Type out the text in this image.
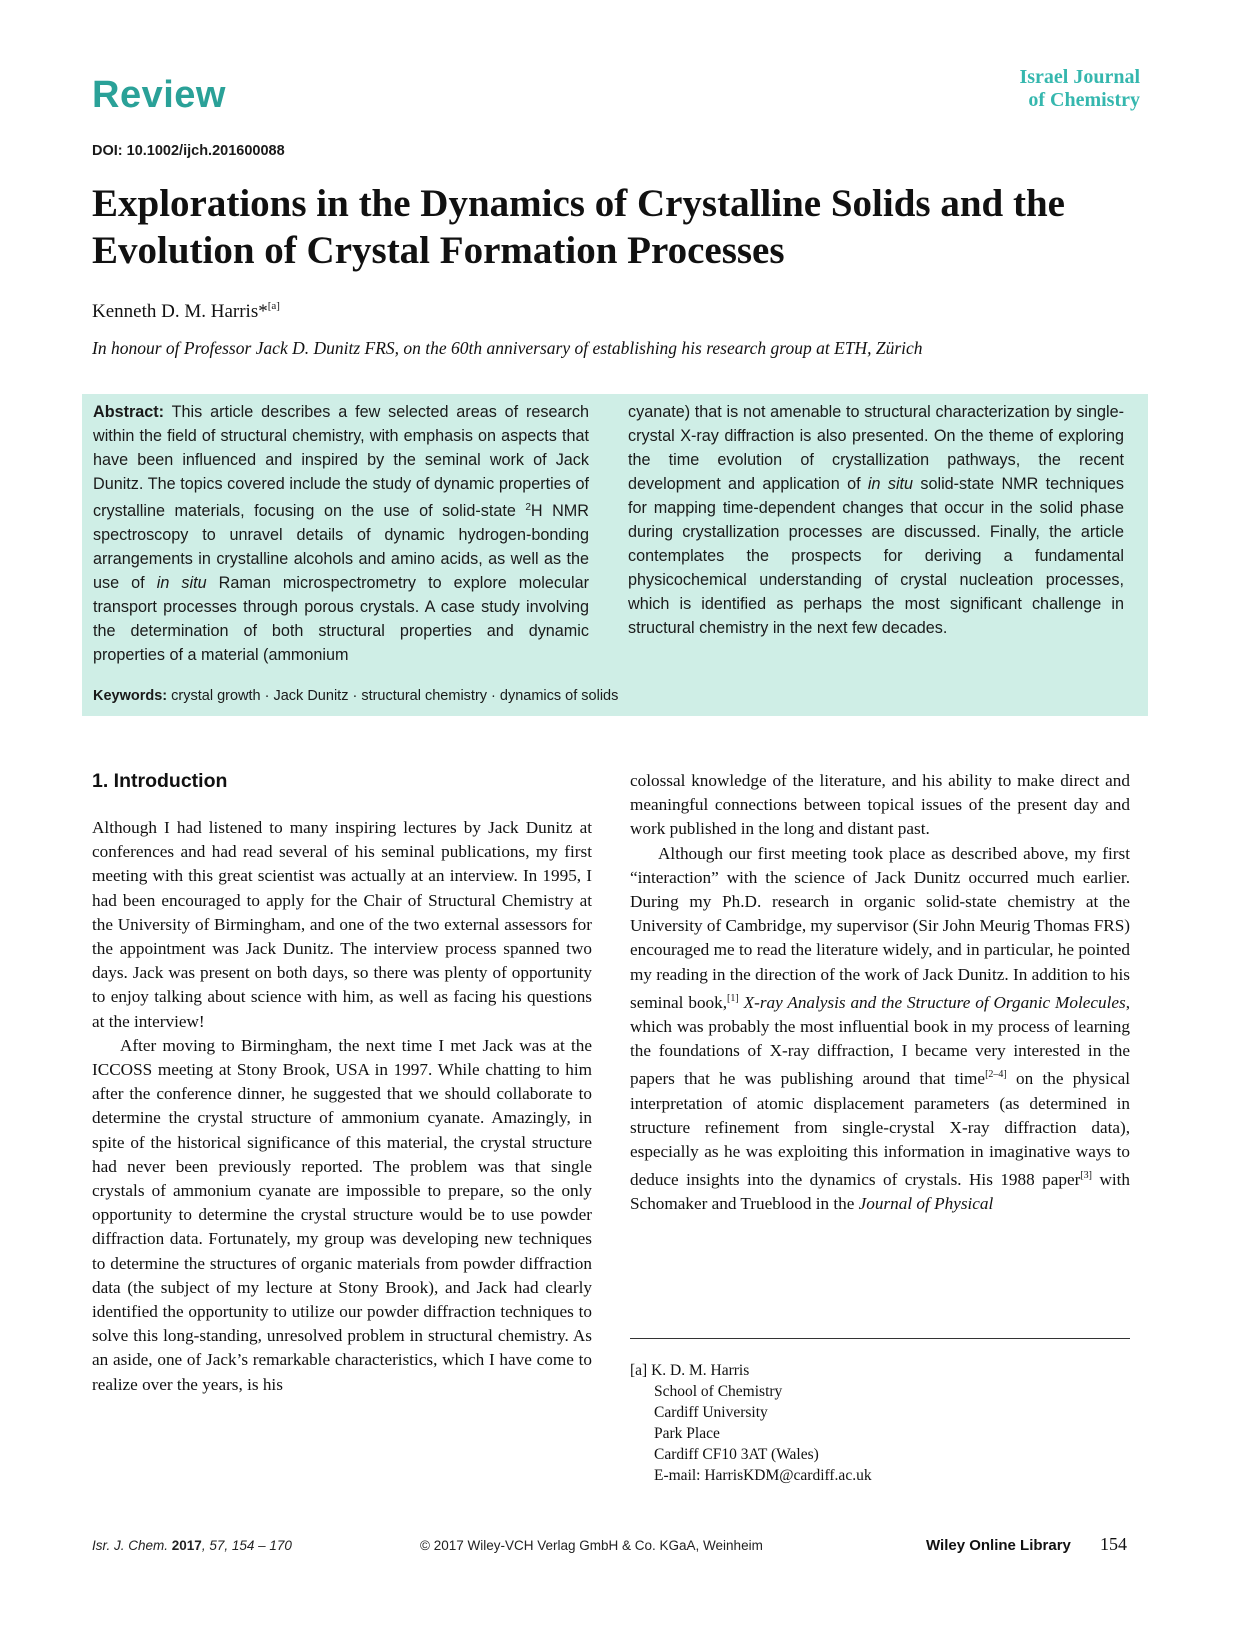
Review	Israel Journal
of Chemistry
DOI: 10.1002/ijch.201600088
Explorations in the Dynamics of Crystalline Solids and the Evolution of Crystal Formation Processes
Kenneth D. M. Harris*[a]
In honour of Professor Jack D. Dunitz FRS, on the 60th anniversary of establishing his research group at ETH, Zürich
Abstract: This article describes a few selected areas of research within the field of structural chemistry, with emphasis on aspects that have been influenced and inspired by the seminal work of Jack Dunitz. The topics covered include the study of dynamic properties of crystalline materials, focusing on the use of solid-state $^2$H NMR spectroscopy to unravel details of dynamic hydrogen-bonding arrangements in crystalline alcohols and amino acids, as well as the use of in situ Raman microspectrometry to explore molecular transport processes through porous crystals. A case study involving the determination of both structural properties and dynamic properties of a material (ammonium
cyanate) that is not amenable to structural characterization by single-crystal X-ray diffraction is also presented. On the theme of exploring the time evolution of crystallization pathways, the recent development and application of in situ solid-state NMR techniques for mapping time-dependent changes that occur in the solid phase during crystallization processes are discussed. Finally, the article contemplates the prospects for deriving a fundamental physicochemical understanding of crystal nucleation processes, which is identified as perhaps the most significant challenge in structural chemistry in the next few decades.
Keywords: crystal growth · Jack Dunitz · structural chemistry · dynamics of solids
1. Introduction

Although I had listened to many inspiring lectures by Jack Dunitz at conferences and had read several of his seminal publications, my first meeting with this great scientist was actually at an interview. In 1995, I had been encouraged to apply for the Chair of Structural Chemistry at the University of Birmingham, and one of the two external assessors for the appointment was Jack Dunitz. The interview process spanned two days. Jack was present on both days, so there was plenty of opportunity to enjoy talking about science with him, as well as facing his questions at the interview!

After moving to Birmingham, the next time I met Jack was at the ICCOSS meeting at Stony Brook, USA in 1997. While chatting to him after the conference dinner, he suggested that we should collaborate to determine the crystal structure of ammonium cyanate. Amazingly, in spite of the historical significance of this material, the crystal structure had never been previously reported. The problem was that single crystals of ammonium cyanate are impossible to prepare, so the only opportunity to determine the crystal structure would be to use powder diffraction data. Fortunately, my group was developing new techniques to determine the structures of organic materials from powder diffraction data (the subject of my lecture at Stony Brook), and Jack had clearly identified the opportunity to utilize our powder diffraction techniques to solve this long-standing, unresolved problem in structural chemistry. As an aside, one of Jack’s remarkable characteristics, which I have come to realize over the years, is his

colossal knowledge of the literature, and his ability to make direct and meaningful connections between topical issues of the present day and work published in the long and distant past.

Although our first meeting took place as described above, my first “interaction” with the science of Jack Dunitz occurred much earlier. During my Ph.D. research in organic solid-state chemistry at the University of Cambridge, my supervisor (Sir John Meurig Thomas FRS) encouraged me to read the literature widely, and in particular, he pointed my reading in the direction of the work of Jack Dunitz. In addition to his seminal book,[1] X-ray Analysis and the Structure of Organic Molecules, which was probably the most influential book in my process of learning the foundations of X-ray diffraction, I became very interested in the papers that he was publishing around that time[2–4] on the physical interpretation of atomic displacement parameters (as determined in structure refinement from single-crystal X-ray diffraction data), especially as he was exploiting this information in imaginative ways to deduce insights into the dynamics of crystals. His 1988 paper[3] with Schomaker and Trueblood in the Journal of Physical

[a] K. D. M. Harris
School of Chemistry
Cardiff University
Park Place
Cardiff CF10 3AT (Wales)
E-mail: HarrisKDM@cardiff.ac.uk
Isr. J. Chem. 2017, 57, 154 – 170	© 2017 Wiley-VCH Verlag GmbH & Co. KGaA, Weinheim	Wiley Online Library 154
